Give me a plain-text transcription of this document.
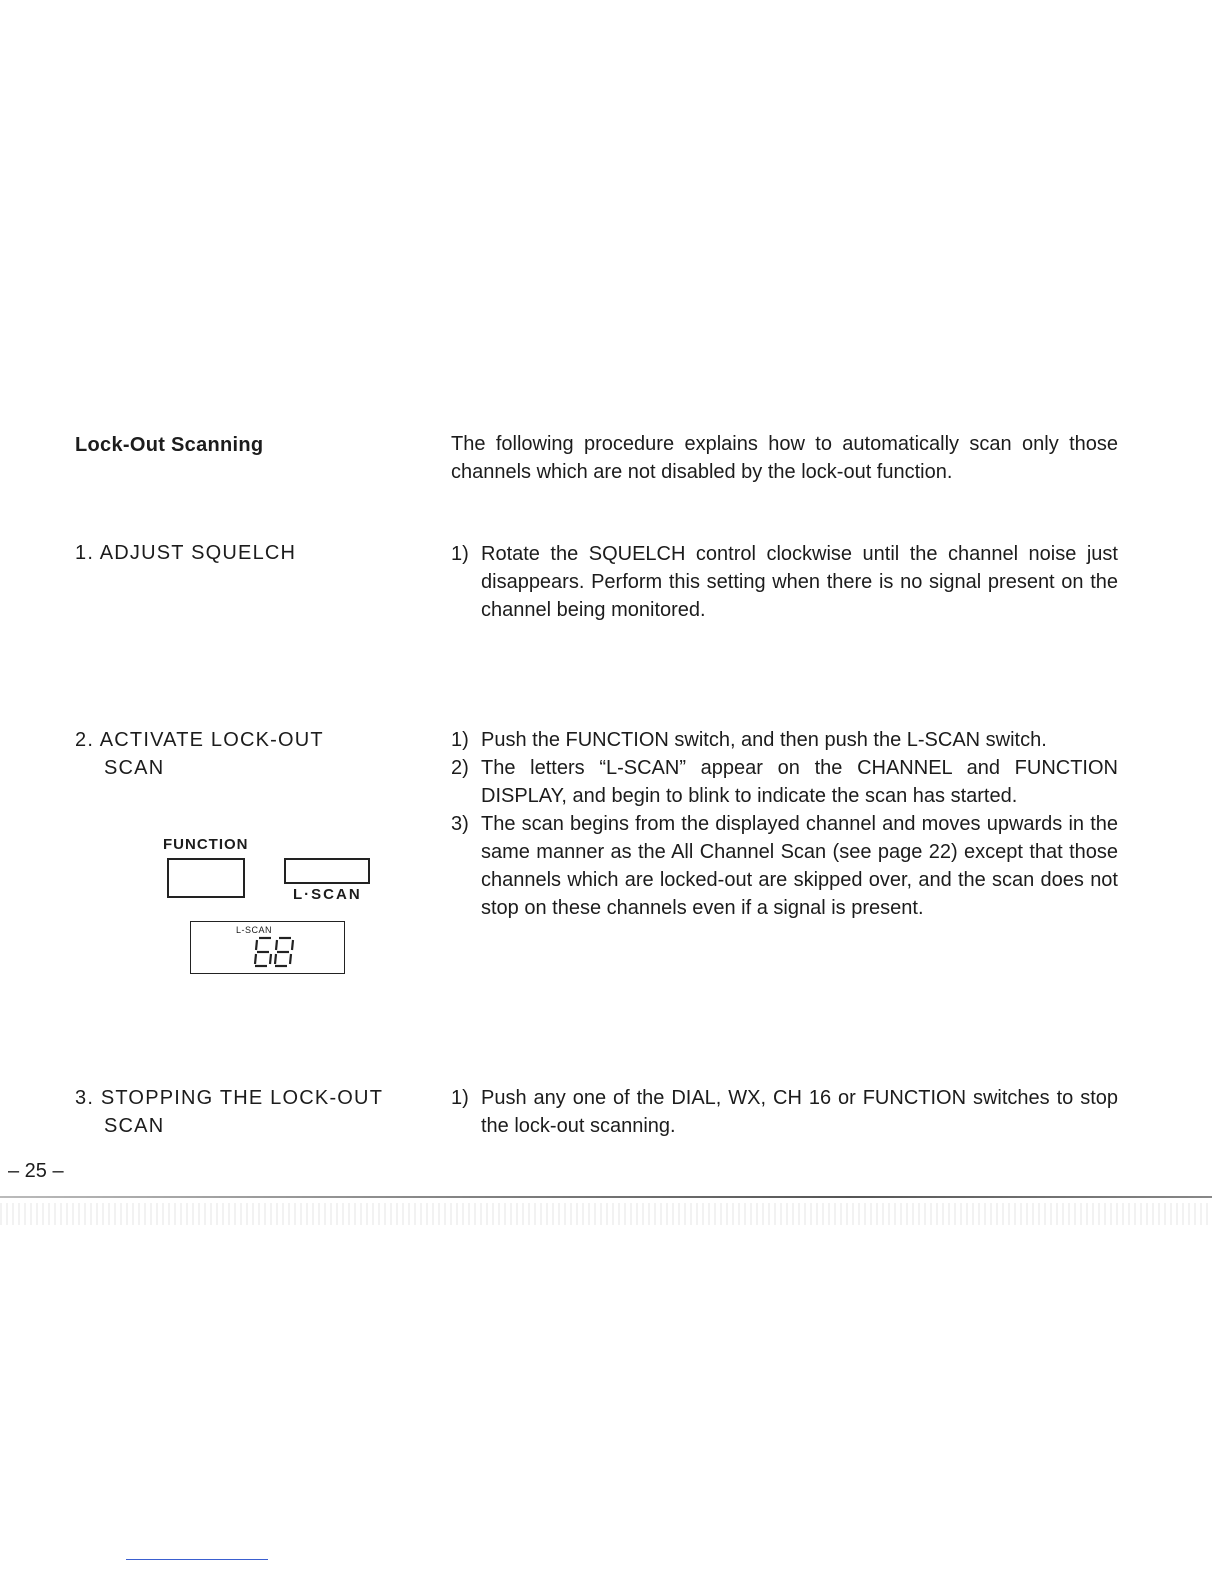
Lock-Out Scanning	The following procedure explains how to automatically scan only those channels which are not disabled by the lock-out function.
1. ADJUST SQUELCH	1) Rotate the SQUELCH control clockwise until the channel noise just disappears. Perform this setting when there is no signal present on the channel being monitored.
2. ACTIVATE LOCK-OUT
SCAN
1) Push the FUNCTION switch, and then push the L-SCAN switch.
2) The letters “L-SCAN” appear on the CHANNEL and FUNCTION DISPLAY, and begin to blink to indicate the scan has started.
3) The scan begins from the displayed channel and moves upwards in the same manner as the All Channel Scan (see page 22) except that those channels which are locked-out are skipped over, and the scan does not stop on these channels even if a signal is present.
FUNCTION
L·SCAN
L-SCAN
3. STOPPING THE LOCK-OUT
SCAN
1) Push any one of the DIAL, WX, CH 16 or FUNCTION switches to stop the lock-out scanning.
– 25 –
